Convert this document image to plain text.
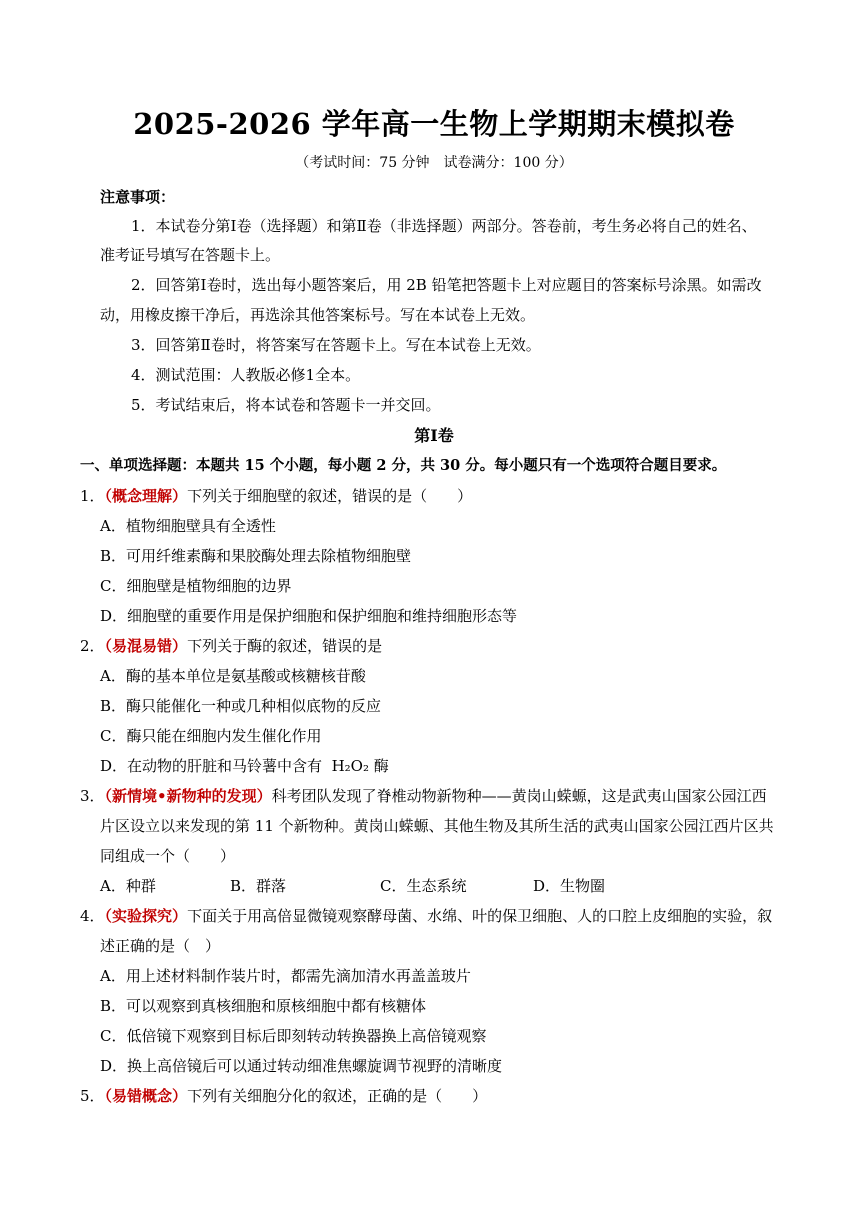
2025-2026 学年高一生物上学期期末模拟卷
（考试时间：75 分钟　试卷满分：100 分）
注意事项：
1．本试卷分第Ⅰ卷（选择题）和第Ⅱ卷（非选择题）两部分。答卷前，考生务必将自己的姓名、
准考证号填写在答题卡上。
2．回答第Ⅰ卷时，选出每小题答案后，用 2B 铅笔把答题卡上对应题目的答案标号涂黑。如需改
动，用橡皮擦干净后，再选涂其他答案标号。写在本试卷上无效。
3．回答第Ⅱ卷时，将答案写在答题卡上。写在本试卷上无效。
4．测试范围：人教版必修1全本。
5．考试结束后，将本试卷和答题卡一并交回。
第Ⅰ卷
一、单项选择题：本题共 15 个小题，每小题 2 分，共 30 分。每小题只有一个选项符合题目要求。
1．（概念理解）下列关于细胞壁的叙述，错误的是（　　）
A．植物细胞壁具有全透性
B．可用纤维素酶和果胶酶处理去除植物细胞壁
C．细胞壁是植物细胞的边界
D．细胞壁的重要作用是保护细胞和保护细胞和维持细胞形态等
2．（易混易错）下列关于酶的叙述，错误的是
A．酶的基本单位是氨基酸或核糖核苷酸
B．酶只能催化一种或几种相似底物的反应
C．酶只能在细胞内发生催化作用
D．在动物的肝脏和马铃薯中含有 H₂O₂ 酶
3．（新情境•新物种的发现）科考团队发现了脊椎动物新物种——黄岗山蝾螈，这是武夷山国家公园江西
片区设立以来发现的第 11 个新物种。黄岗山蝾螈、其他生物及其所生活的武夷山国家公园江西片区共
同组成一个（　　）
A．种群	B．群落	C．生态系统	D．生物圈
4．（实验探究）下面关于用高倍显微镜观察酵母菌、水绵、叶的保卫细胞、人的口腔上皮细胞的实验，叙
述正确的是（　）
A．用上述材料制作装片时，都需先滴加清水再盖盖玻片
B．可以观察到真核细胞和原核细胞中都有核糖体
C．低倍镜下观察到目标后即刻转动转换器换上高倍镜观察
D．换上高倍镜后可以通过转动细准焦螺旋调节视野的清晰度
5．（易错概念）下列有关细胞分化的叙述，正确的是（　　）
